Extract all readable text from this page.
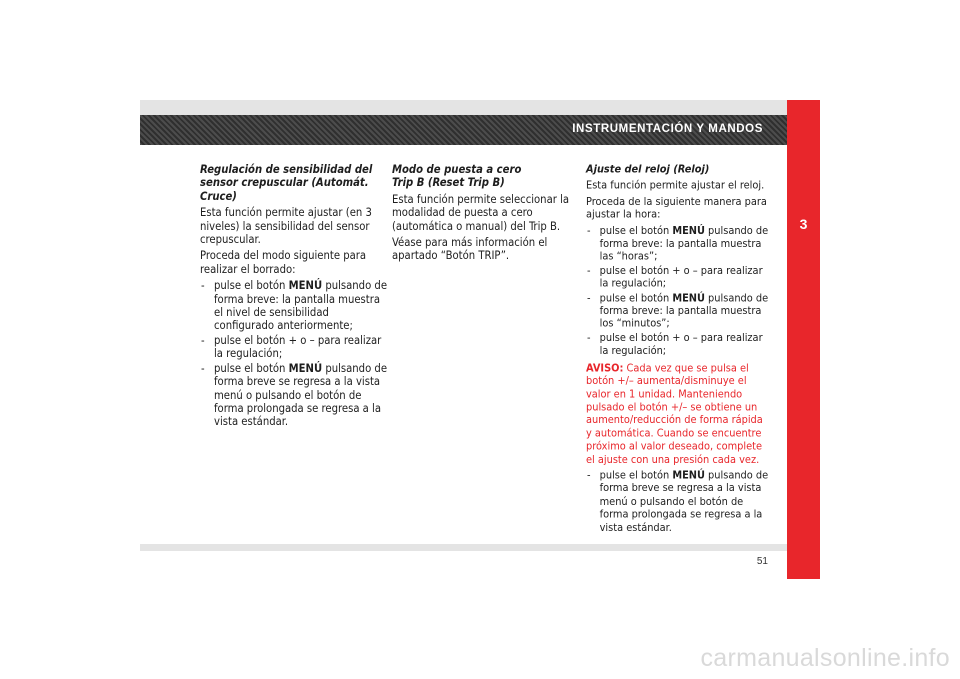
INSTRUMENTACIÓN Y MANDOS
3

Regulación de sensibilidad del sensor crepuscular (Automát. Cruce)

Esta función permite ajustar (en 3 niveles) la sensibilidad del sensor crepuscular.

Proceda del modo siguiente para realizar el borrado:

- pulse el botón MENÚ pulsando de forma breve: la pantalla muestra el nivel de sensibilidad configurado anteriormente;
- pulse el botón + o – para realizar la regulación;
- pulse el botón MENÚ pulsando de forma breve se regresa a la vista menú o pulsando el botón de forma prolongada se regresa a la vista estándar.

Modo de puesta a cero
Trip B (Reset Trip B)

Esta función permite seleccionar la modalidad de puesta a cero (automática o manual) del Trip B.

Véase para más información el apartado “Botón TRIP”.

Ajuste del reloj (Reloj)

Esta función permite ajustar el reloj.

Proceda de la siguiente manera para ajustar la hora:

- pulse el botón MENÚ pulsando de forma breve: la pantalla muestra las “horas”;
- pulse el botón + o – para realizar la regulación;
- pulse el botón MENÚ pulsando de forma breve: la pantalla muestra los “minutos”;
- pulse el botón + o – para realizar la regulación;

AVISO: Cada vez que se pulsa el botón +/– aumenta/disminuye el valor en 1 unidad. Manteniendo pulsado el botón +/– se obtiene un aumento/reducción de forma rápida y automática. Cuando se encuentre próximo al valor deseado, complete el ajuste con una presión cada vez.

- pulse el botón MENÚ pulsando de forma breve se regresa a la vista menú o pulsando el botón de forma prolongada se regresa a la vista estándar.
51
carmanualsonline.info
